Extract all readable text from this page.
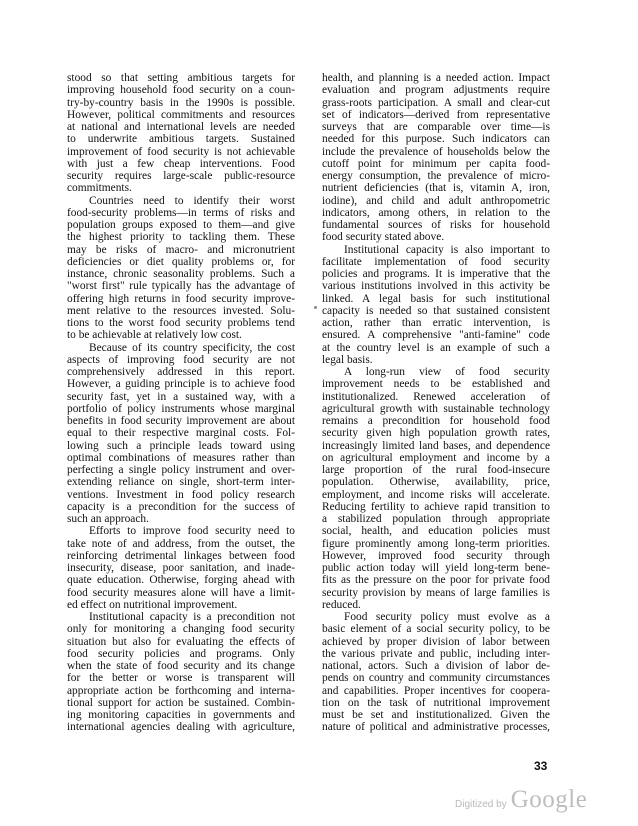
stood so that setting ambitious targets for
improving household food security on a coun-
try-by-country basis in the 1990s is possible.
However, political commitments and resources
at national and international levels are needed
to underwrite ambitious targets. Sustained
improvement of food security is not achievable
with just a few cheap interventions. Food
security requires large-scale public-resource
commitments.
Countries need to identify their worst
food-security problems—in terms of risks and
population groups exposed to them—and give
the highest priority to tackling them. These
may be risks of macro- and micronutrient
deficiencies or diet quality problems or, for
instance, chronic seasonality problems. Such a
"worst first" rule typically has the advantage of
offering high returns in food security improve-
ment relative to the resources invested. Solu-
tions to the worst food security problems tend
to be achievable at relatively low cost.
Because of its country specificity, the cost
aspects of improving food security are not
comprehensively addressed in this report.
However, a guiding principle is to achieve food
security fast, yet in a sustained way, with a
portfolio of policy instruments whose marginal
benefits in food security improvement are about
equal to their respective marginal costs. Fol-
lowing such a principle leads toward using
optimal combinations of measures rather than
perfecting a single policy instrument and over-
extending reliance on single, short-term inter-
ventions. Investment in food policy research
capacity is a precondition for the success of
such an approach.
Efforts to improve food security need to
take note of and address, from the outset, the
reinforcing detrimental linkages between food
insecurity, disease, poor sanitation, and inade-
quate education. Otherwise, forging ahead with
food security measures alone will have a limit-
ed effect on nutritional improvement.
Institutional capacity is a precondition not
only for monitoring a changing food security
situation but also for evaluating the effects of
food security policies and programs. Only
when the state of food security and its change
for the better or worse is transparent will
appropriate action be forthcoming and interna-
tional support for action be sustained. Combin-
ing monitoring capacities in governments and
international agencies dealing with agriculture,
health, and planning is a needed action. Impact
evaluation and program adjustments require
grass-roots participation. A small and clear-cut
set of indicators—derived from representative
surveys that are comparable over time—is
needed for this purpose. Such indicators can
include the prevalence of households below the
cutoff point for minimum per capita food-
energy consumption, the prevalence of micro-
nutrient deficiencies (that is, vitamin A, iron,
iodine), and child and adult anthropometric
indicators, among others, in relation to the
fundamental sources of risks for household
food security stated above.
Institutional capacity is also important to
facilitate implementation of food security
policies and programs. It is imperative that the
various institutions involved in this activity be
linked. A legal basis for such institutional
capacity is needed so that sustained consistent
action, rather than erratic intervention, is
ensured. A comprehensive "anti-famine" code
at the country level is an example of such a
legal basis.
A long-run view of food security
improvement needs to be established and
institutionalized. Renewed acceleration of
agricultural growth with sustainable technology
remains a precondition for household food
security given high population growth rates,
increasingly limited land bases, and dependence
on agricultural employment and income by a
large proportion of the rural food-insecure
population. Otherwise, availability, price,
employment, and income risks will accelerate.
Reducing fertility to achieve rapid transition to
a stabilized population through appropriate
social, health, and education policies must
figure prominently among long-term priorities.
However, improved food security through
public action today will yield long-term bene-
fits as the pressure on the poor for private food
security provision by means of large families is
reduced.
Food security policy must evolve as a
basic element of a social security policy, to be
achieved by proper division of labor between
the various private and public, including inter-
national, actors. Such a division of labor de-
pends on country and community circumstances
and capabilities. Proper incentives for coopera-
tion on the task of nutritional improvement
must be set and institutionalized. Given the
nature of political and administrative processes,
33
Digitized by Google
